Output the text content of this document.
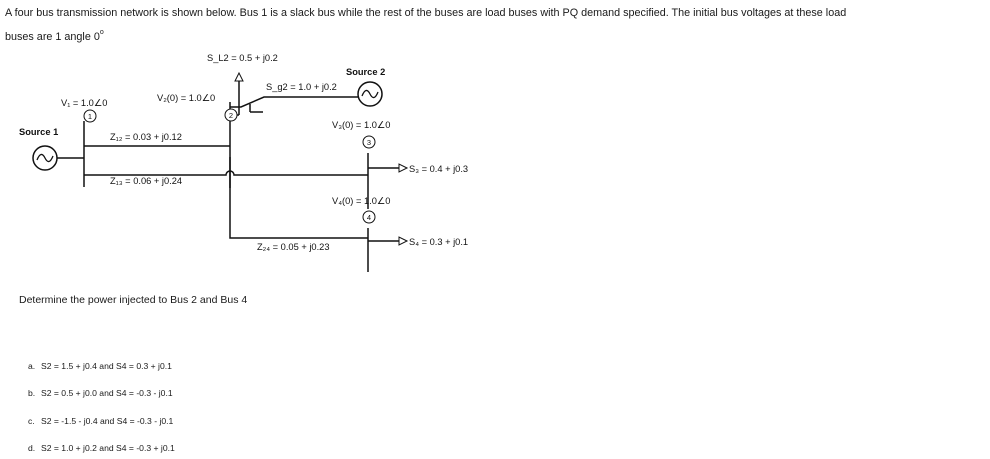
A four bus transmission network is shown below. Bus 1 is a slack bus while the rest of the buses are load buses with PQ demand specified. The initial bus voltages at these load
buses are 1 angle 0$^o$
1	2
3
4
Source 1
Source 2
V₁ = 1.0∠0	V₂(0) = 1.0∠0
V₃(0) = 1.0∠0
V₄(0) = 1.0∠0
S_L2 = 0.5 + j0.2
S_g2 = 1.0 + j0.2
S₃ = 0.4 + j0.3
S₄ = 0.3 + j0.1
Z₁₂ = 0.03 + j0.12
Z₁₃ = 0.06 + j0.24
Z₂₄ = 0.05 + j0.23
Determine the power injected to Bus 2 and Bus 4
a. S2 = 1.5 + j0.4 and S4 = 0.3 + j0.1
b. S2 = 0.5 + j0.0 and S4 = -0.3 - j0.1
c. S2 = -1.5 - j0.4 and S4 = -0.3 - j0.1
d. S2 = 1.0 + j0.2 and S4 = -0.3 + j0.1
